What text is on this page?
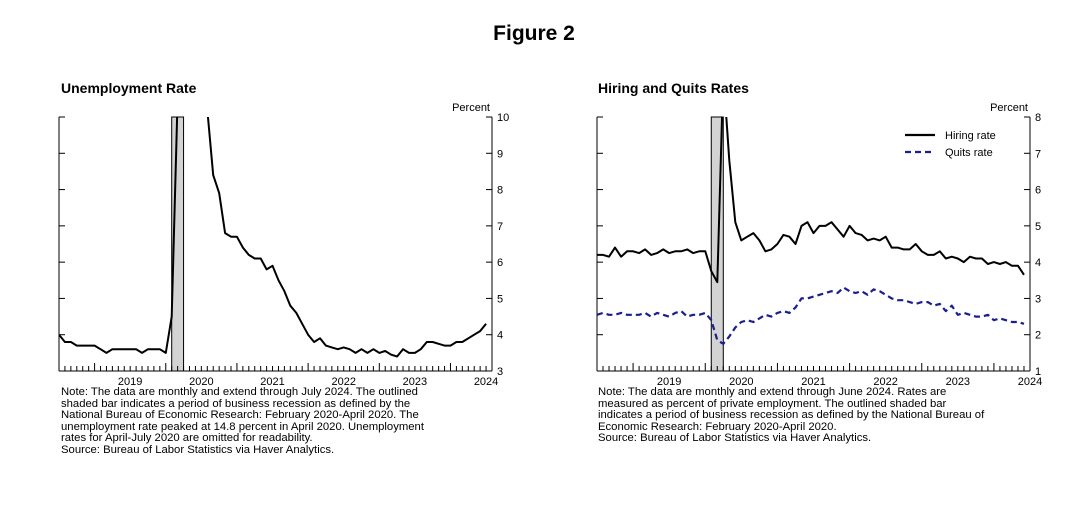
Figure 2
Unemployment Rate
3
4
5
6
7
8
9
10
Percent
2019	2020	2021	2022	2023	2024
Note: The data are monthly and extend through July 2024. The outlined
shaded bar indicates a period of business recession as defined by the
National Bureau of Economic Research: February 2020-April 2020. The
unemployment rate peaked at 14.8 percent in April 2020. Unemployment
rates for April-July 2020 are omitted for readability.
Source: Bureau of Labor Statistics via Haver Analytics.
Hiring and Quits Rates
1
2
3
4
5
6
7
8
Percent
2019	2020	2021	2022	2023	2024
Hiring rate
Quits rate
Note: The data are monthly and extend through June 2024. Rates are
measured as percent of private employment. The outlined shaded bar
indicates a period of business recession as defined by the National Bureau of
Economic Research: February 2020-April 2020.
Source: Bureau of Labor Statistics via Haver Analytics.
